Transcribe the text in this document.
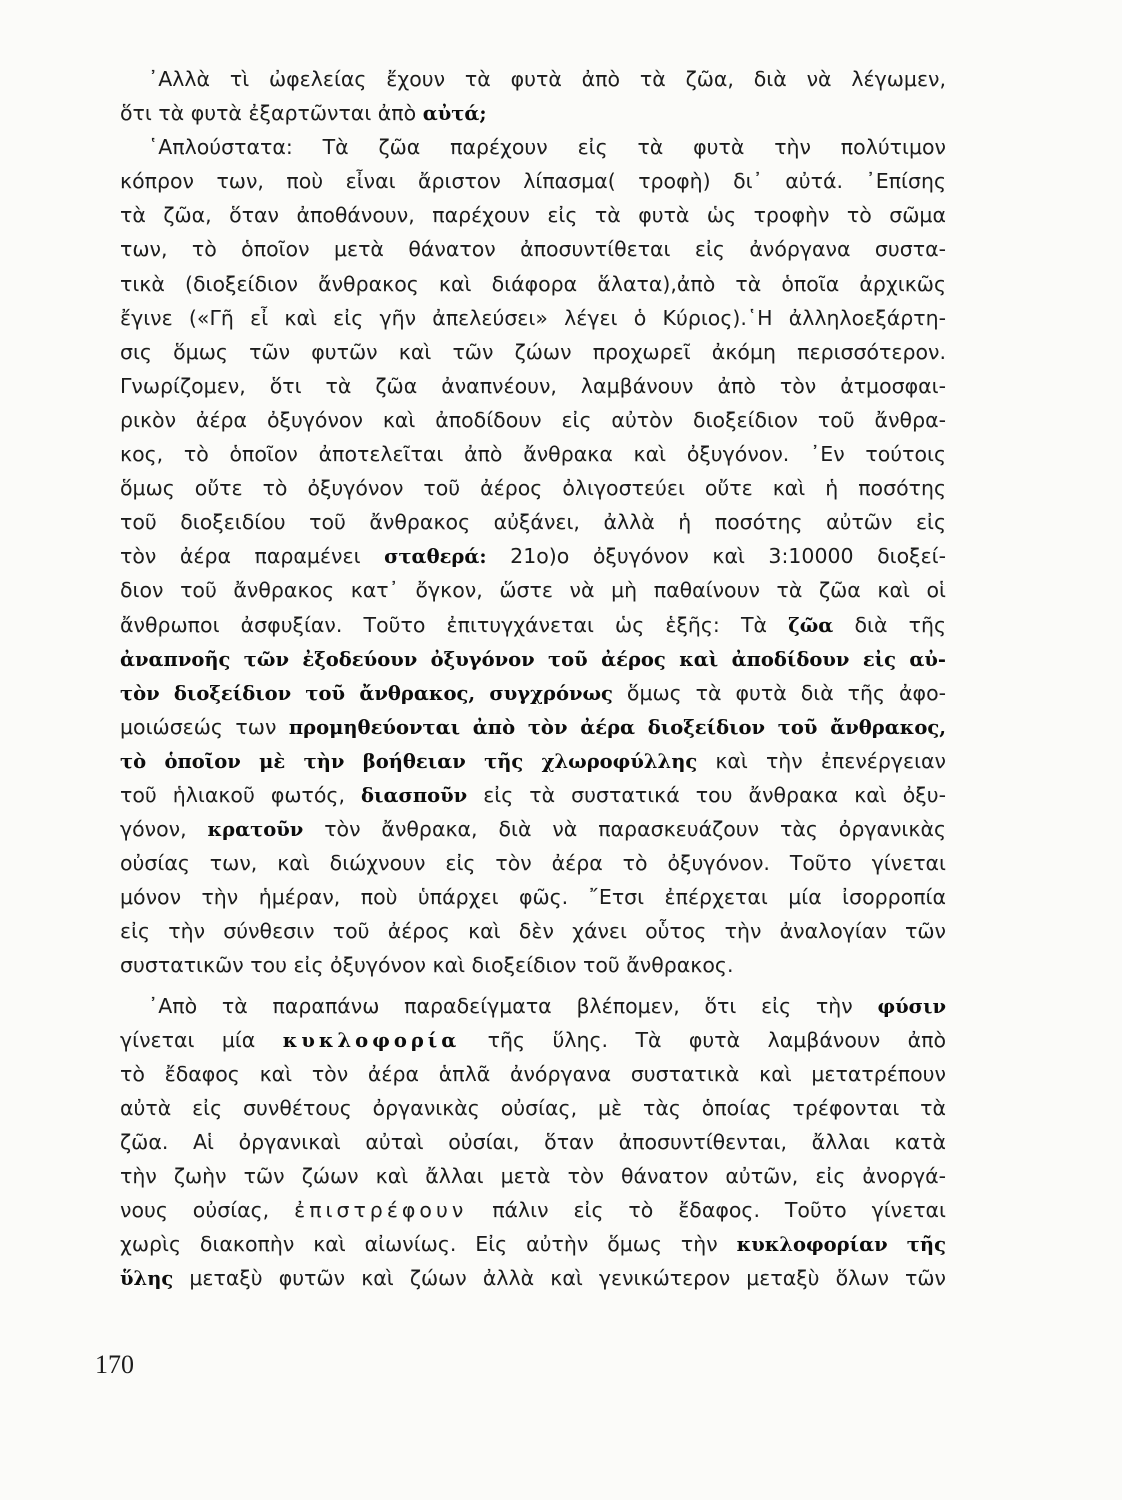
᾿Αλλὰ τὶ ὠφελείας ἔχουν τὰ φυτὰ ἀπὸ τὰ ζῶα, διὰ νὰ λέγωμεν,
ὅτι τὰ φυτὰ ἐξαρτῶνται ἀπὸ αὐτά;
῾Απλούστατα: Τὰ ζῶα παρέχουν εἰς τὰ φυτὰ τὴν πολύτιμον
κόπρον των, ποὺ εἶναι ἄριστον λίπασμα( τροφὴ) δι᾿ αὐτά. ᾿Επίσης
τὰ ζῶα, ὅταν ἀποθάνουν, παρέχουν εἰς τὰ φυτὰ ὡς τροφὴν τὸ σῶμα
των, τὸ ὁποῖον μετὰ θάνατον ἀποσυντίθεται εἰς ἀνόργανα συστα-
τικὰ (διοξείδιον ἄνθρακος καὶ διάφορα ἅλατα),ἀπὸ τὰ ὁποῖα ἀρχικῶς
ἔγινε («Γῆ εἶ καὶ εἰς γῆν ἀπελεύσει» λέγει ὁ Κύριος).῾Η ἀλληλοεξάρτη-
σις ὅμως τῶν φυτῶν καὶ τῶν ζώων προχωρεῖ ἀκόμη περισσότερον.
Γνωρίζομεν, ὅτι τὰ ζῶα ἀναπνέουν, λαμβάνουν ἀπὸ τὸν ἀτμοσφαι-
ρικὸν ἀέρα ὀξυγόνον καὶ ἀποδίδουν εἰς αὐτὸν διοξείδιον τοῦ ἄνθρα-
κος, τὸ ὁποῖον ἀποτελεῖται ἀπὸ ἄνθρακα καὶ ὀξυγόνον. ᾿Εν τούτοις
ὅμως οὔτε τὸ ὀξυγόνον τοῦ ἀέρος ὀλιγοστεύει οὔτε καὶ ἡ ποσότης
τοῦ διοξειδίου τοῦ ἄνθρακος αὐξάνει, ἀλλὰ ἡ ποσότης αὐτῶν εἰς
τὸν ἀέρα παραμένει σταθερά: 21ο)ο ὀξυγόνον καὶ 3:10000 διοξεί-
διον τοῦ ἄνθρακος κατ᾿ ὄγκον, ὥστε νὰ μὴ παθαίνουν τὰ ζῶα καὶ οἱ
ἄνθρωποι ἀσφυξίαν. Τοῦτο ἐπιτυγχάνεται ὡς ἑξῆς: Τὰ ζῶα διὰ τῆς
ἀναπνοῆς τῶν ἐξοδεύουν ὀξυγόνον τοῦ ἀέρος καὶ ἀποδίδουν εἰς αὐ-
τὸν διοξείδιον τοῦ ἄνθρακος, συγχρόνως ὅμως τὰ φυτὰ διὰ τῆς ἀφο-
μοιώσεώς των προμηθεύονται ἀπὸ τὸν ἀέρα διοξείδιον τοῦ ἄνθρακος,
τὸ ὁποῖον μὲ τὴν βοήθειαν τῆς χλωροφύλλης καὶ τὴν ἐπενέργειαν
τοῦ ἡλιακοῦ φωτός, διασποῦν εἰς τὰ συστατικά του ἄνθρακα καὶ ὀξυ-
γόνον, κρατοῦν τὸν ἄνθρακα, διὰ νὰ παρασκευάζουν τὰς ὀργανικὰς
οὐσίας των, καὶ διώχνουν εἰς τὸν ἀέρα τὸ ὀξυγόνον. Τοῦτο γίνεται
μόνον τὴν ἡμέραν, ποὺ ὑπάρχει φῶς. ῎Ετσι ἐπέρχεται μία ἰσορροπία
εἰς τὴν σύνθεσιν τοῦ ἀέρος καὶ δὲν χάνει οὗτος τὴν ἀναλογίαν τῶν
συστατικῶν του εἰς ὀξυγόνον καὶ διοξείδιον τοῦ ἄνθρακος.
᾿Απὸ τὰ παραπάνω παραδείγματα βλέπομεν, ὅτι εἰς τὴν φύσιν
γίνεται μία κυκλοφορία τῆς ὕλης. Τὰ φυτὰ λαμβάνουν ἀπὸ
τὸ ἔδαφος καὶ τὸν ἀέρα ἁπλᾶ ἀνόργανα συστατικὰ καὶ μετατρέπουν
αὐτὰ εἰς συνθέτους ὀργανικὰς οὐσίας, μὲ τὰς ὁποίας τρέφονται τὰ
ζῶα. Αἱ ὀργανικαὶ αὐταὶ οὐσίαι, ὅταν ἀποσυντίθενται, ἄλλαι κατὰ
τὴν ζωὴν τῶν ζώων καὶ ἄλλαι μετὰ τὸν θάνατον αὐτῶν, εἰς ἀνοργά-
νους οὐσίας, ἐπιστρέφουν πάλιν εἰς τὸ ἔδαφος. Τοῦτο γίνεται
χωρὶς διακοπὴν καὶ αἰωνίως. Εἰς αὐτὴν ὅμως τὴν κυκλοφορίαν τῆς
ὕλης μεταξὺ φυτῶν καὶ ζώων ἀλλὰ καὶ γενικώτερον μεταξὺ ὅλων τῶν
170
